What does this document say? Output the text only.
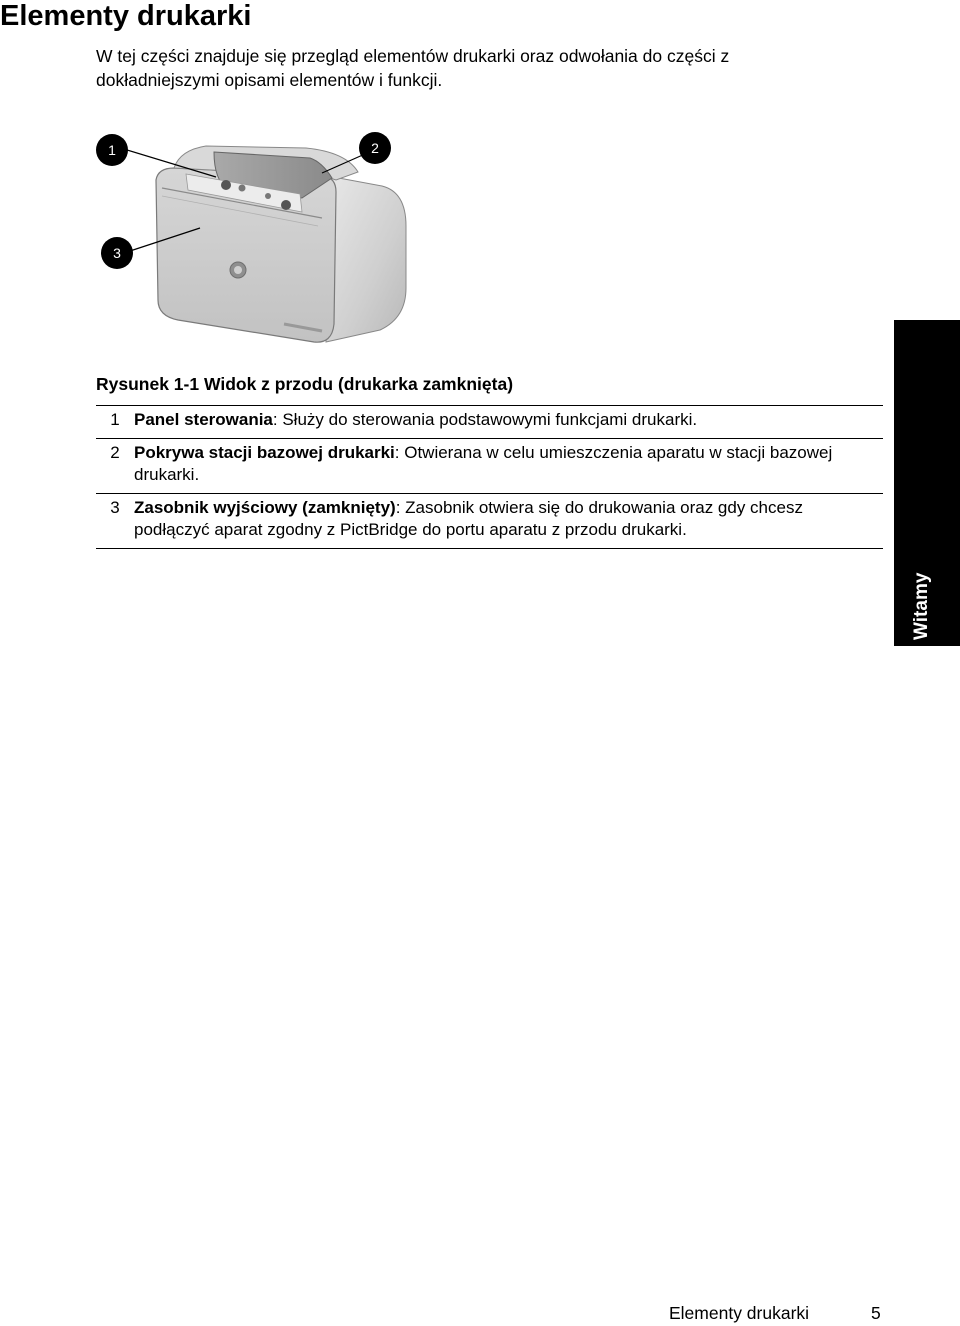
Elementy drukarki

W tej części znajduje się przegląd elementów drukarki oraz odwołania do części z dokładniejszymi opisami elementów i funkcji.

1	2
3

Rysunek 1-1 Widok z przodu (drukarka zamknięta)

1	Panel sterowania: Służy do sterowania podstawowymi funkcjami drukarki.
2	Pokrywa stacji bazowej drukarki: Otwierana w celu umieszczenia aparatu w stacji bazowej drukarki.
3	Zasobnik wyjściowy (zamknięty): Zasobnik otwiera się do drukowania oraz gdy chcesz podłączyć aparat zgodny z PictBridge do portu aparatu z przodu drukarki.
Witamy
Elementy drukarki	5
